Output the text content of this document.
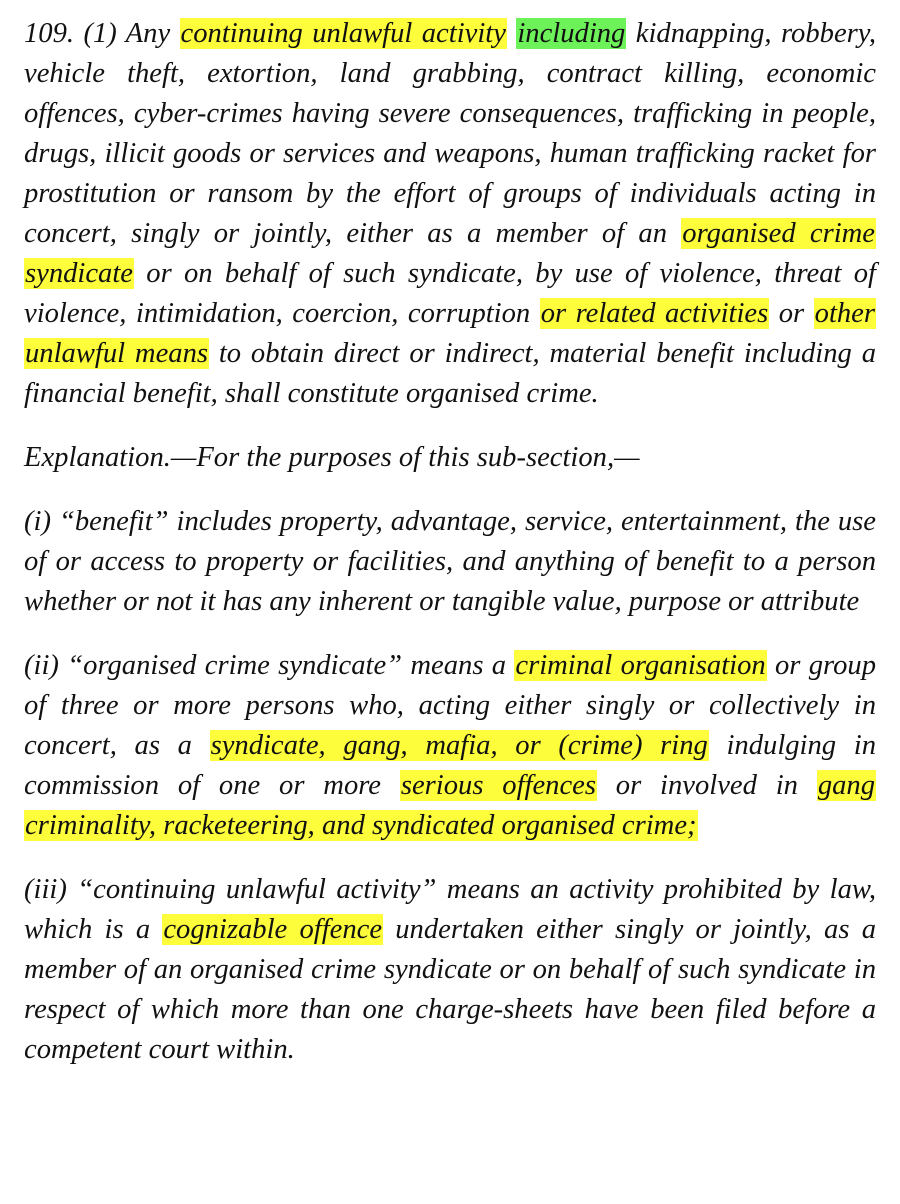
109. (1) Any continuing unlawful activity including kidnapping, robbery, vehicle theft, extortion, land grabbing, contract killing, economic offences, cyber-crimes having severe consequences, trafficking in people, drugs, illicit goods or services and weapons, human trafficking racket for prostitution or ransom by the effort of groups of individuals acting in concert, singly or jointly, either as a member of an organised crime syndicate or on behalf of such syndicate, by use of violence, threat of violence, intimidation, coercion, corruption or related activities or other unlawful means to obtain direct or indirect, material benefit including a financial benefit, shall constitute organised crime.

Explanation.—For the purposes of this sub-section,—

(i) “benefit” includes property, advantage, service, entertainment, the use of or access to property or facilities, and anything of benefit to a person whether or not it has any inherent or tangible value, purpose or attribute

(ii) “organised crime syndicate” means a criminal organisation or group of three or more persons who, acting either singly or collectively in concert, as a syndicate, gang, mafia, or (crime) ring indulging in commission of one or more serious offences or involved in gang criminality, racketeering, and syndicated organised crime;

(iii) “continuing unlawful activity” means an activity prohibited by law, which is a cognizable offence undertaken either singly or jointly, as a member of an organised crime syndicate or on behalf of such syndicate in respect of which more than one charge-sheets have been filed before a competent court within.
